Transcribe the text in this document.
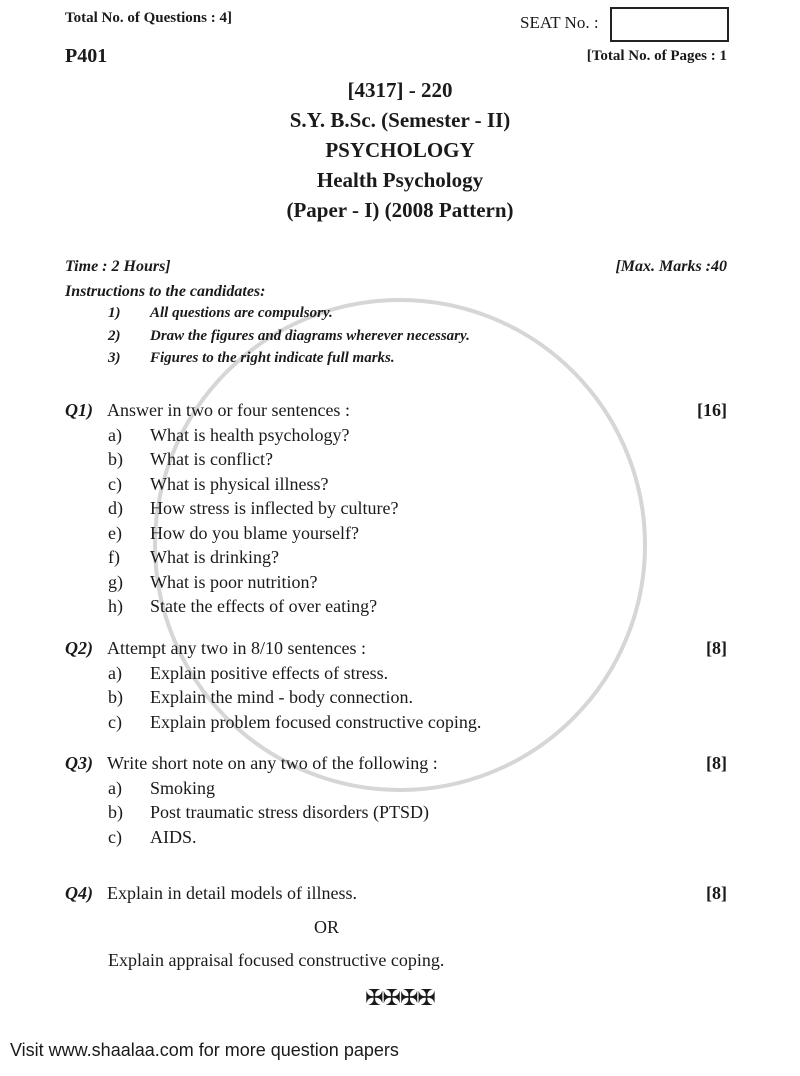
Total No. of Questions : 4]	SEAT No. :
P401	[Total No. of Pages : 1
[4317] - 220
S.Y. B.Sc. (Semester - II)
PSYCHOLOGY
Health Psychology
(Paper - I) (2008 Pattern)
Time : 2 Hours]	[Max. Marks :40
Instructions to the candidates:
✠✠✠✠
Visit www.shaalaa.com for more question papers
1) All questions are compulsory.
2) Draw the figures and diagrams wherever necessary.
3) Figures to the right indicate full marks.
Q1) Answer in two or four sentences :	[16]
a) What is health psychology?
b) What is conflict?
c) What is physical illness?
d) How stress is inflected by culture?
e) How do you blame yourself?
f) What is drinking?
g) What is poor nutrition?
h) State the effects of over eating?
Q2) Attempt any two in 8/10 sentences :	[8]
a) Explain positive effects of stress.
b) Explain the mind - body connection.
c) Explain problem focused constructive coping.
Q3) Write short note on any two of the following :	[8]
a) Smoking
b) Post traumatic stress disorders (PTSD)
c) AIDS.
Q4) Explain in detail models of illness.	[8]
OR
Explain appraisal focused constructive coping.
